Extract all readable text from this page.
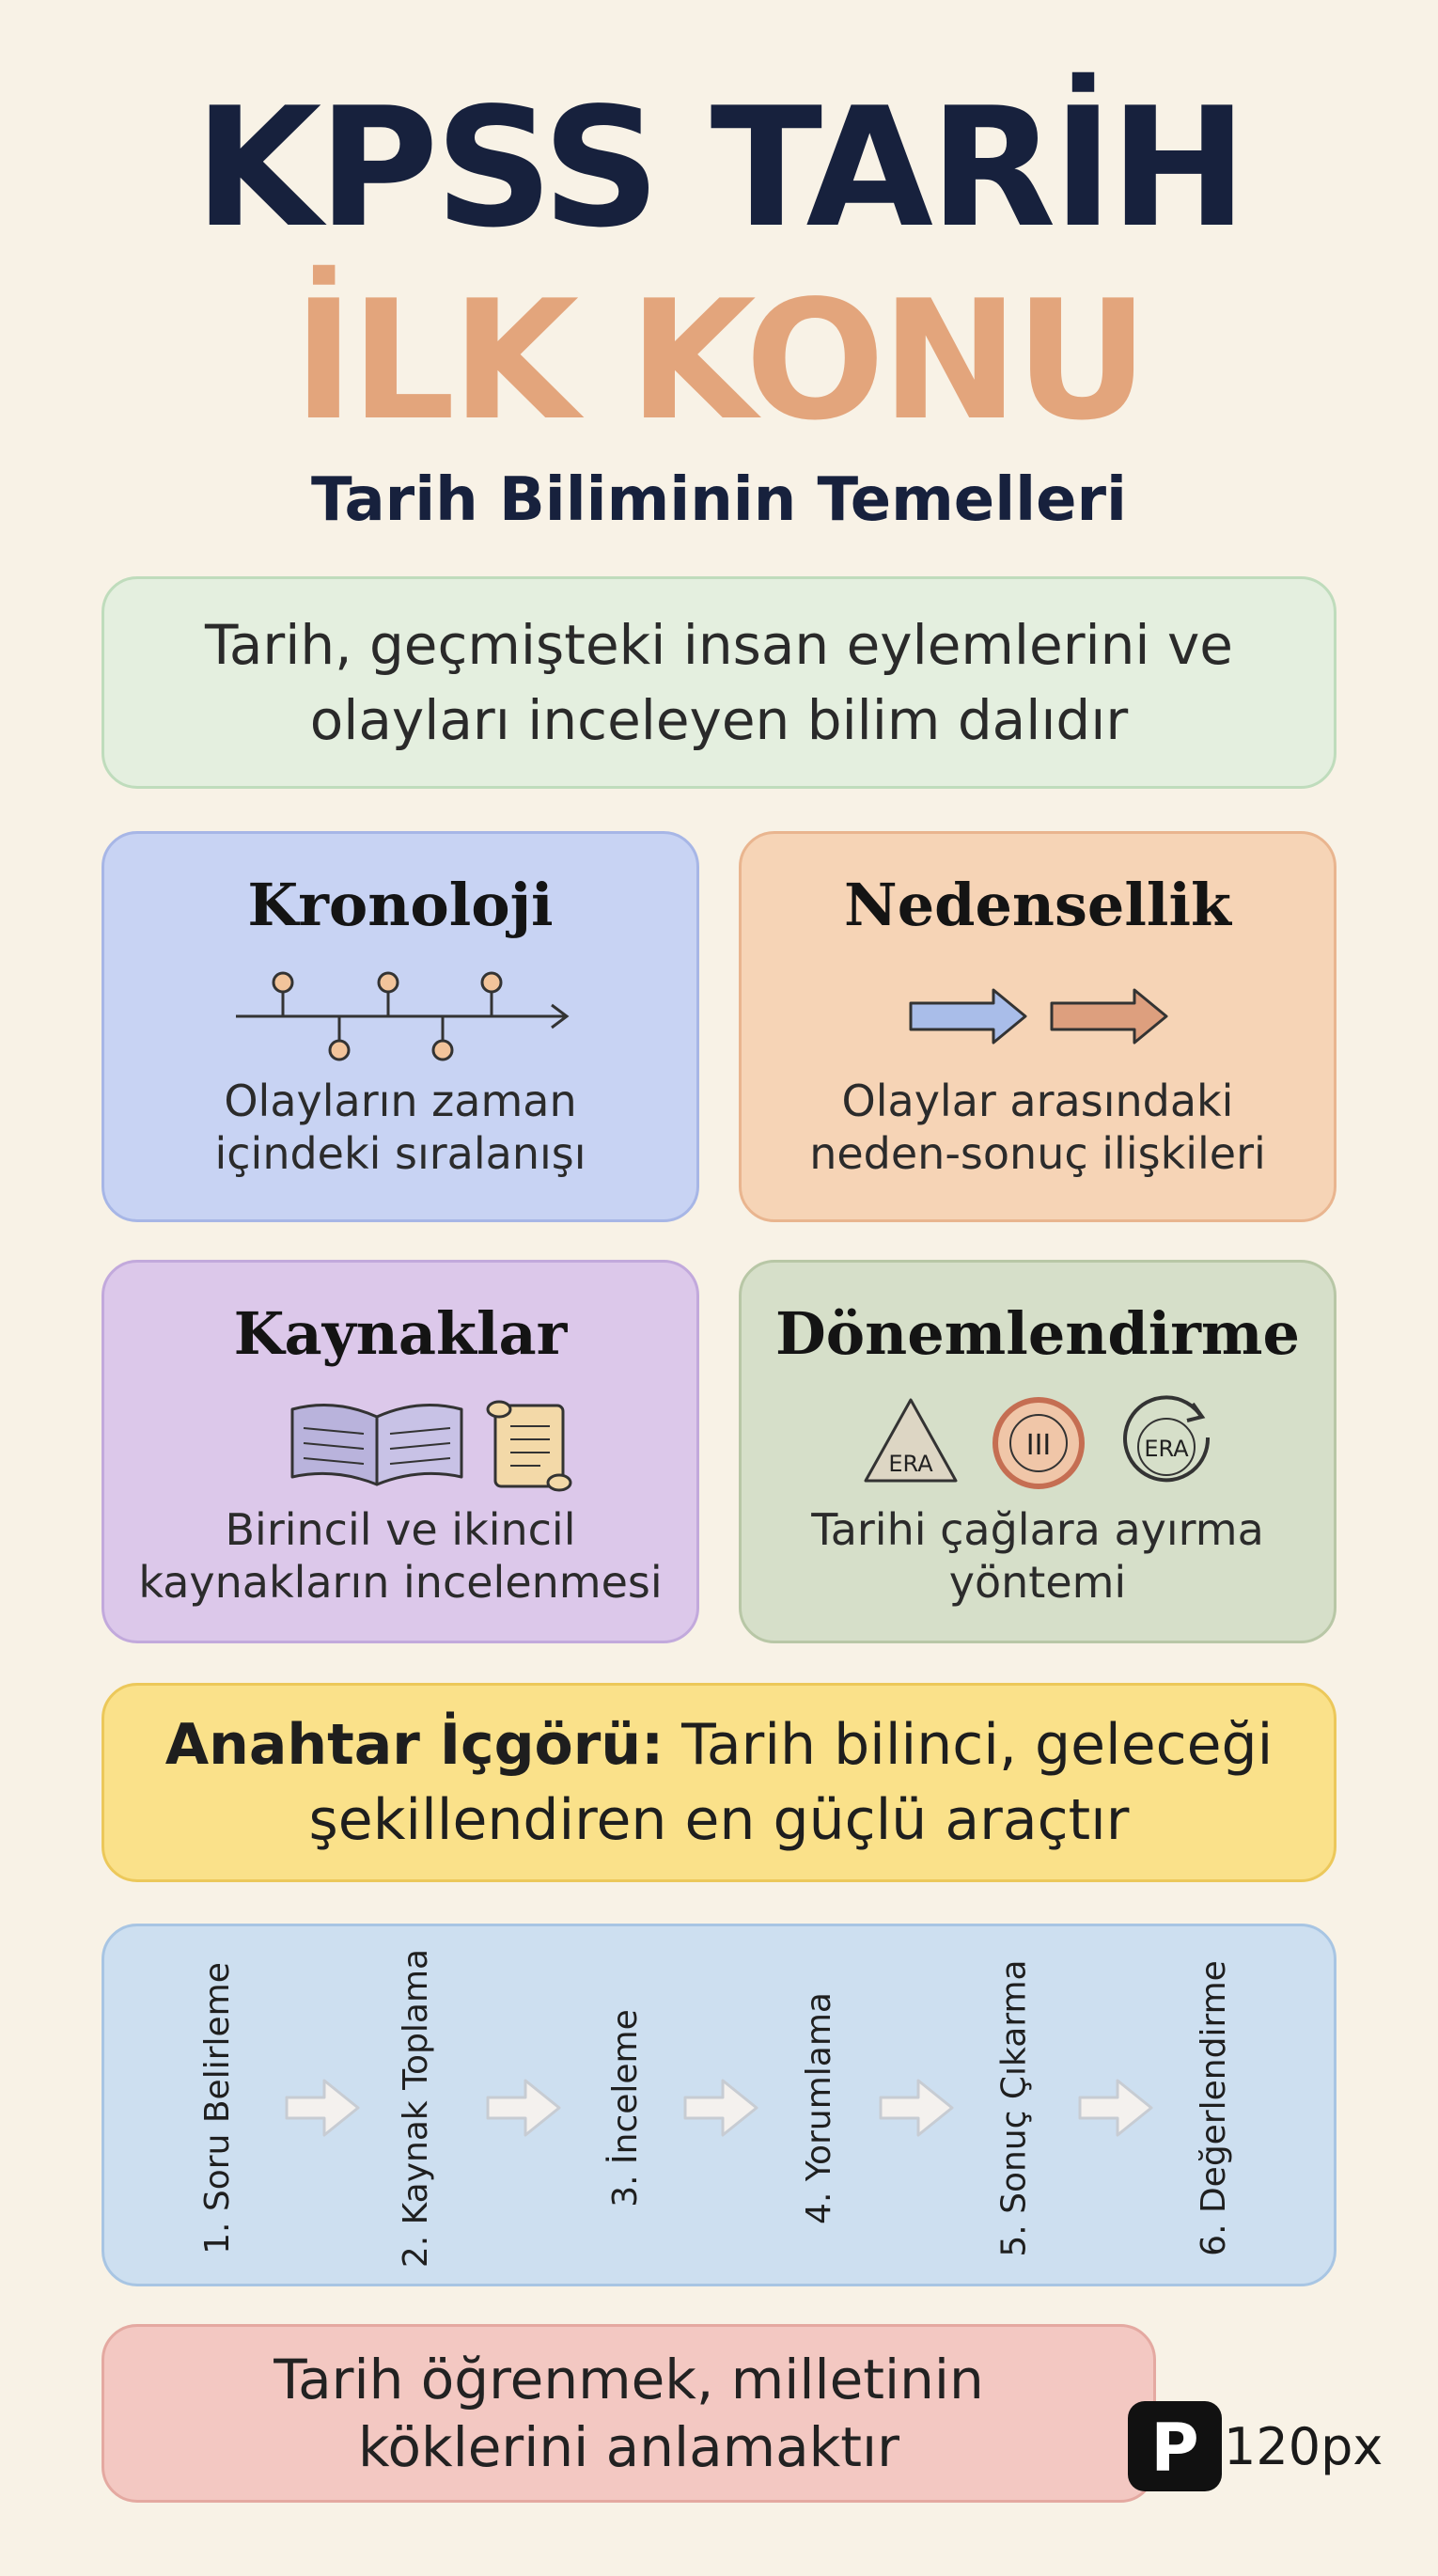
KPSS TARİH
İLK KONU
Tarih Biliminin Temelleri
Tarih, geçmişteki insan eylemlerini ve
olayları inceleyen bilim dalıdır
Kronoloji
Olayların zaman
içindeki sıralanışı
Nedensellik
Olaylar arasındaki
neden-sonuç ilişkileri
Kaynaklar
Birincil ve ikincil
kaynakların incelenmesi
Dönemlendirme
ERA
III	ERA
Tarihi çağlara ayırma
yöntemi
Anahtar İçgörü: Tarih bilinci, geleceği
şekillendiren en güçlü araçtır
1. Soru Belirleme	2. Kaynak Toplama	3. İnceleme	4. Yorumlama	5. Sonuç Çıkarma	6. Değerlendirme
Tarih öğrenmek, milletinin
köklerini anlamaktır	P 120px
